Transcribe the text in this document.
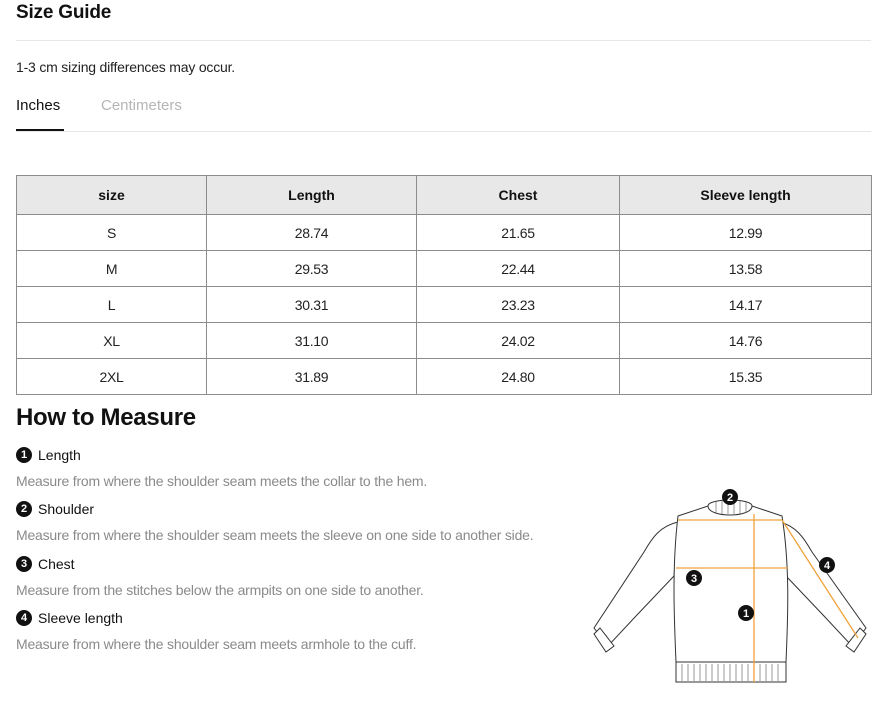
Size Guide
1-3 cm sizing differences may occur.
Inches	Centimeters
size	Length	Chest	Sleeve length
S	28.74	21.65	12.99
M	29.53	22.44	13.58
L	30.31	23.23	14.17
XL	31.10	24.02	14.76
2XL	31.89	24.80	15.35
How to Measure
1 Length
Measure from where the shoulder seam meets the collar to the hem.
2 Shoulder
Measure from where the shoulder seam meets the sleeve on one side to another side.
3 Chest
Measure from the stitches below the armpits on one side to another.
4 Sleeve length
Measure from where the shoulder seam meets armhole to the cuff.
1
2
3
4
